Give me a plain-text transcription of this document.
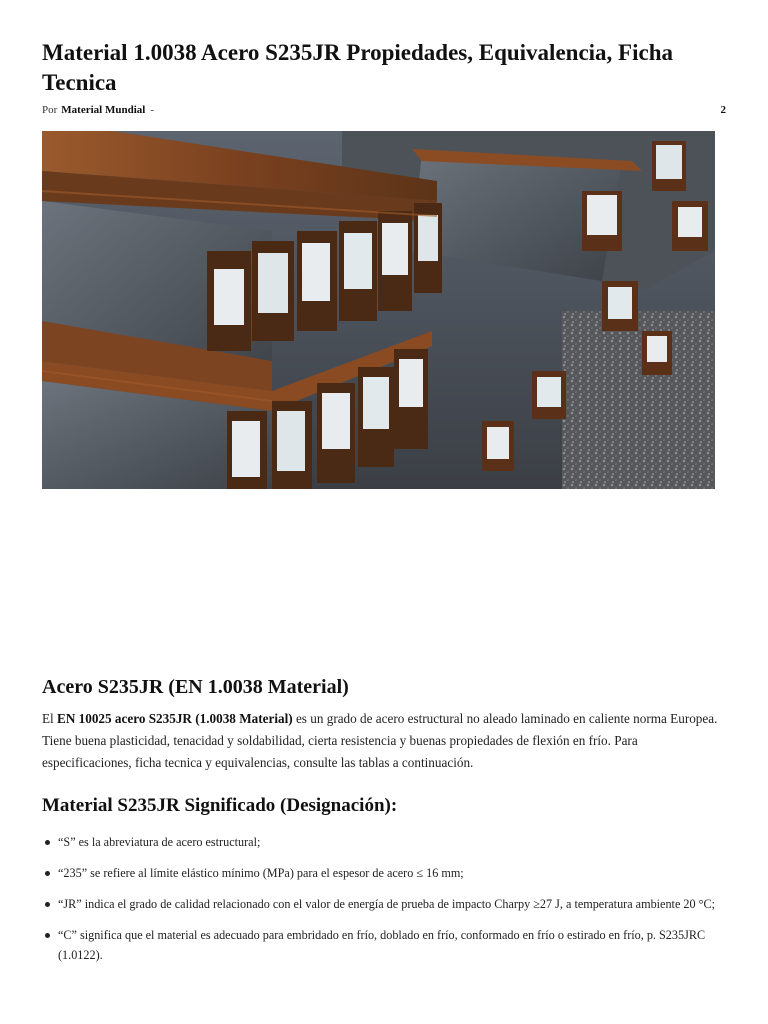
Material 1.0038 Acero S235JR Propiedades, Equivalencia, Ficha Tecnica
Por Material Mundial -	2
Acero S235JR (EN 1.0038 Material)

El EN 10025 acero S235JR (1.0038 Material) es un grado de acero estructural no aleado laminado en caliente norma Europea. Tiene buena plasticidad, tenacidad y soldabilidad, cierta resistencia y buenas propiedades de flexión en frío. Para especificaciones, ficha tecnica y equivalencias, consulte las tablas a continuación.

Material S235JR Significado (Designación):
“S” es la abreviatura de acero estructural;
“235” se refiere al límite elástico mínimo (MPa) para el espesor de acero ≤ 16 mm;
“JR” indica el grado de calidad relacionado con el valor de energía de prueba de impacto Charpy ≥27 J, a temperatura ambiente 20 °C;
“C” significa que el material es adecuado para embridado en frío, doblado en frío, conformado en frío o estirado en frío, p. S235JRC (1.0122).
